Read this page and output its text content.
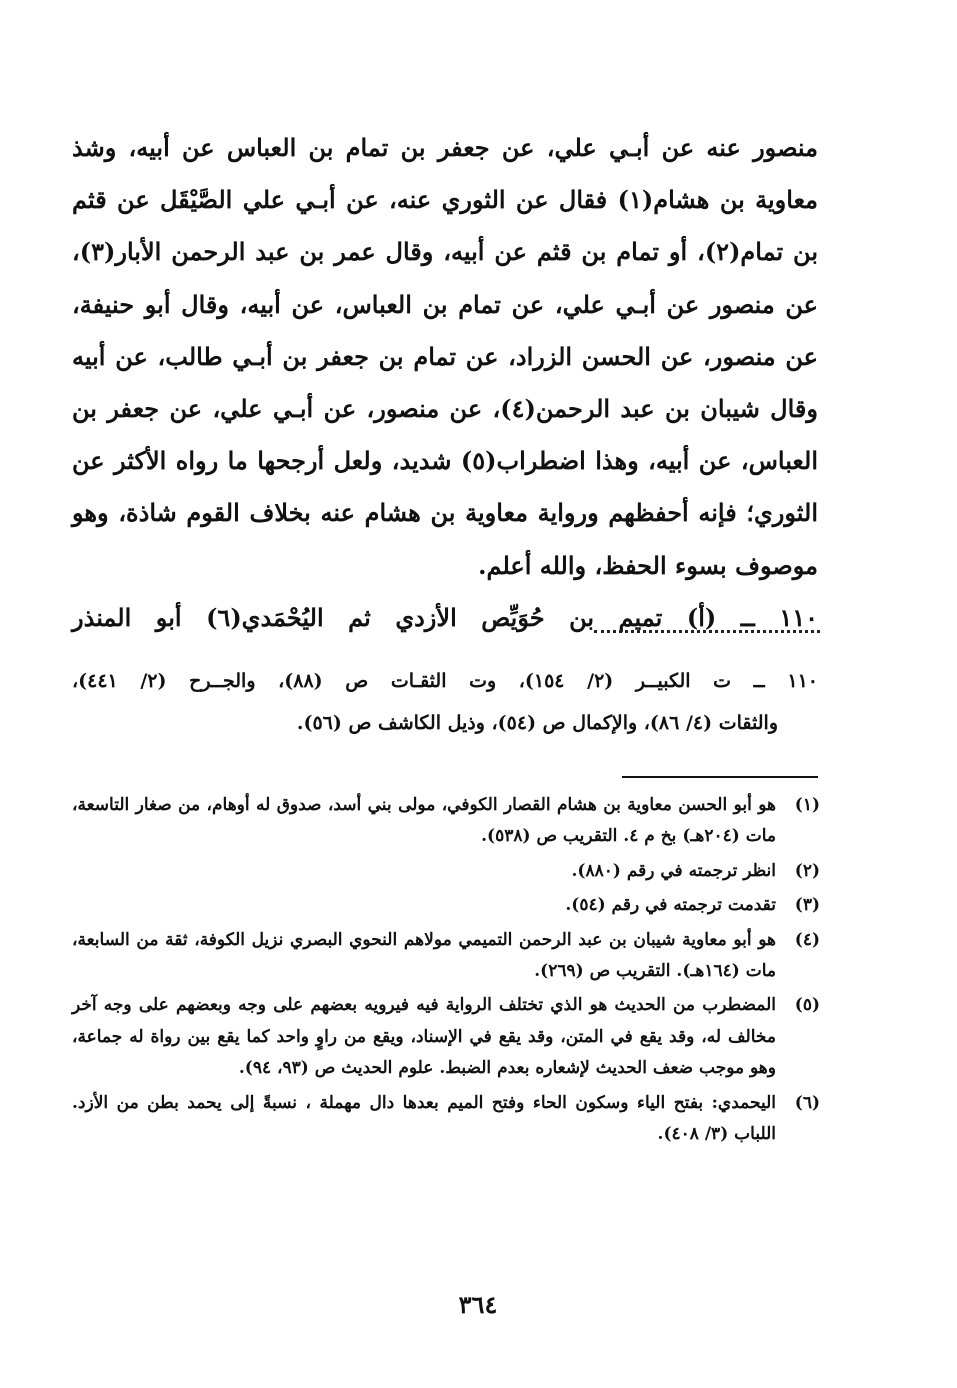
منصور عنه عن أبـي علي، عن جعفر بن تمام بن العباس عن أبيه، وشذ معاوية بن هشام(١) فقال عن الثوري عنه، عن أبـي علي الصَّيْقَل عن قثم بن تمام(٢)، أو تمام بن قثم عن أبيه، وقال عمر بن عبد الرحمن الأبار(٣)، عن منصور عن أبـي علي، عن تمام بن العباس، عن أبيه، وقال أبو حنيفة، عن منصور، عن الحسن الزراد، عن تمام بن جعفر بن أبـي طالب، عن أبيه وقال شيبان بن عبد الرحمن(٤)، عن منصور، عن أبـي علي، عن جعفر بن العباس، عن أبيه، وهذا اضطراب(٥) شديد، ولعل أرجحها ما رواه الأكثر عن الثوري؛ فإنه أحفظهم ورواية معاوية بن هشام عنه بخلاف القوم شاذة، وهو موصوف بسوء الحفظ، والله أعلم.

١١٠ ــ (أ) تميم بن حُوَيِّص الأزدي ثم اليُحْمَدي(٦) أبو المنذر

١١٠ ــ ت الكبيــر (٢/ ١٥٤)، وت الثقـات ص (٨٨)، والجــرح (٢/ ٤٤١)،

والثقات (٤/ ٨٦)، والإكمال ص (٥٤)، وذيل الكاشف ص (٥٦).

(١)
هو أبو الحسن معاوية بن هشام القصار الكوفي، مولى بني أسد، صدوق له أوهام، من صغار التاسعة، مات (٢٠٤هـ) بخ م ٤. التقريب ص (٥٣٨).
(٢)
انظر ترجمته في رقم (٨٨٠).
(٣)
تقدمت ترجمته في رقم (٥٤).
(٤)
هو أبو معاوية شيبان بن عبد الرحمن التميمي مولاهم النحوي البصري نزيل الكوفة، ثقة من السابعة، مات (١٦٤هـ). التقريب ص (٢٦٩).
(٥)
المضطرب من الحديث هو الذي تختلف الرواية فيه فيرويه بعضهم على وجه وبعضهم على وجه آخر مخالف له، وقد يقع في المتن، وقد يقع في الإسناد، ويقع من راوٍ واحد كما يقع بين رواة له جماعة، وهو موجب ضعف الحديث لإشعاره بعدم الضبط. علوم الحديث ص (٩٣، ٩٤).
(٦)
اليحمدي: بفتح الياء وسكون الحاء وفتح الميم بعدها دال مهملة ، نسبةً إلى يحمد بطن من الأزد. اللباب (٣/ ٤٠٨).
٣٦٤
